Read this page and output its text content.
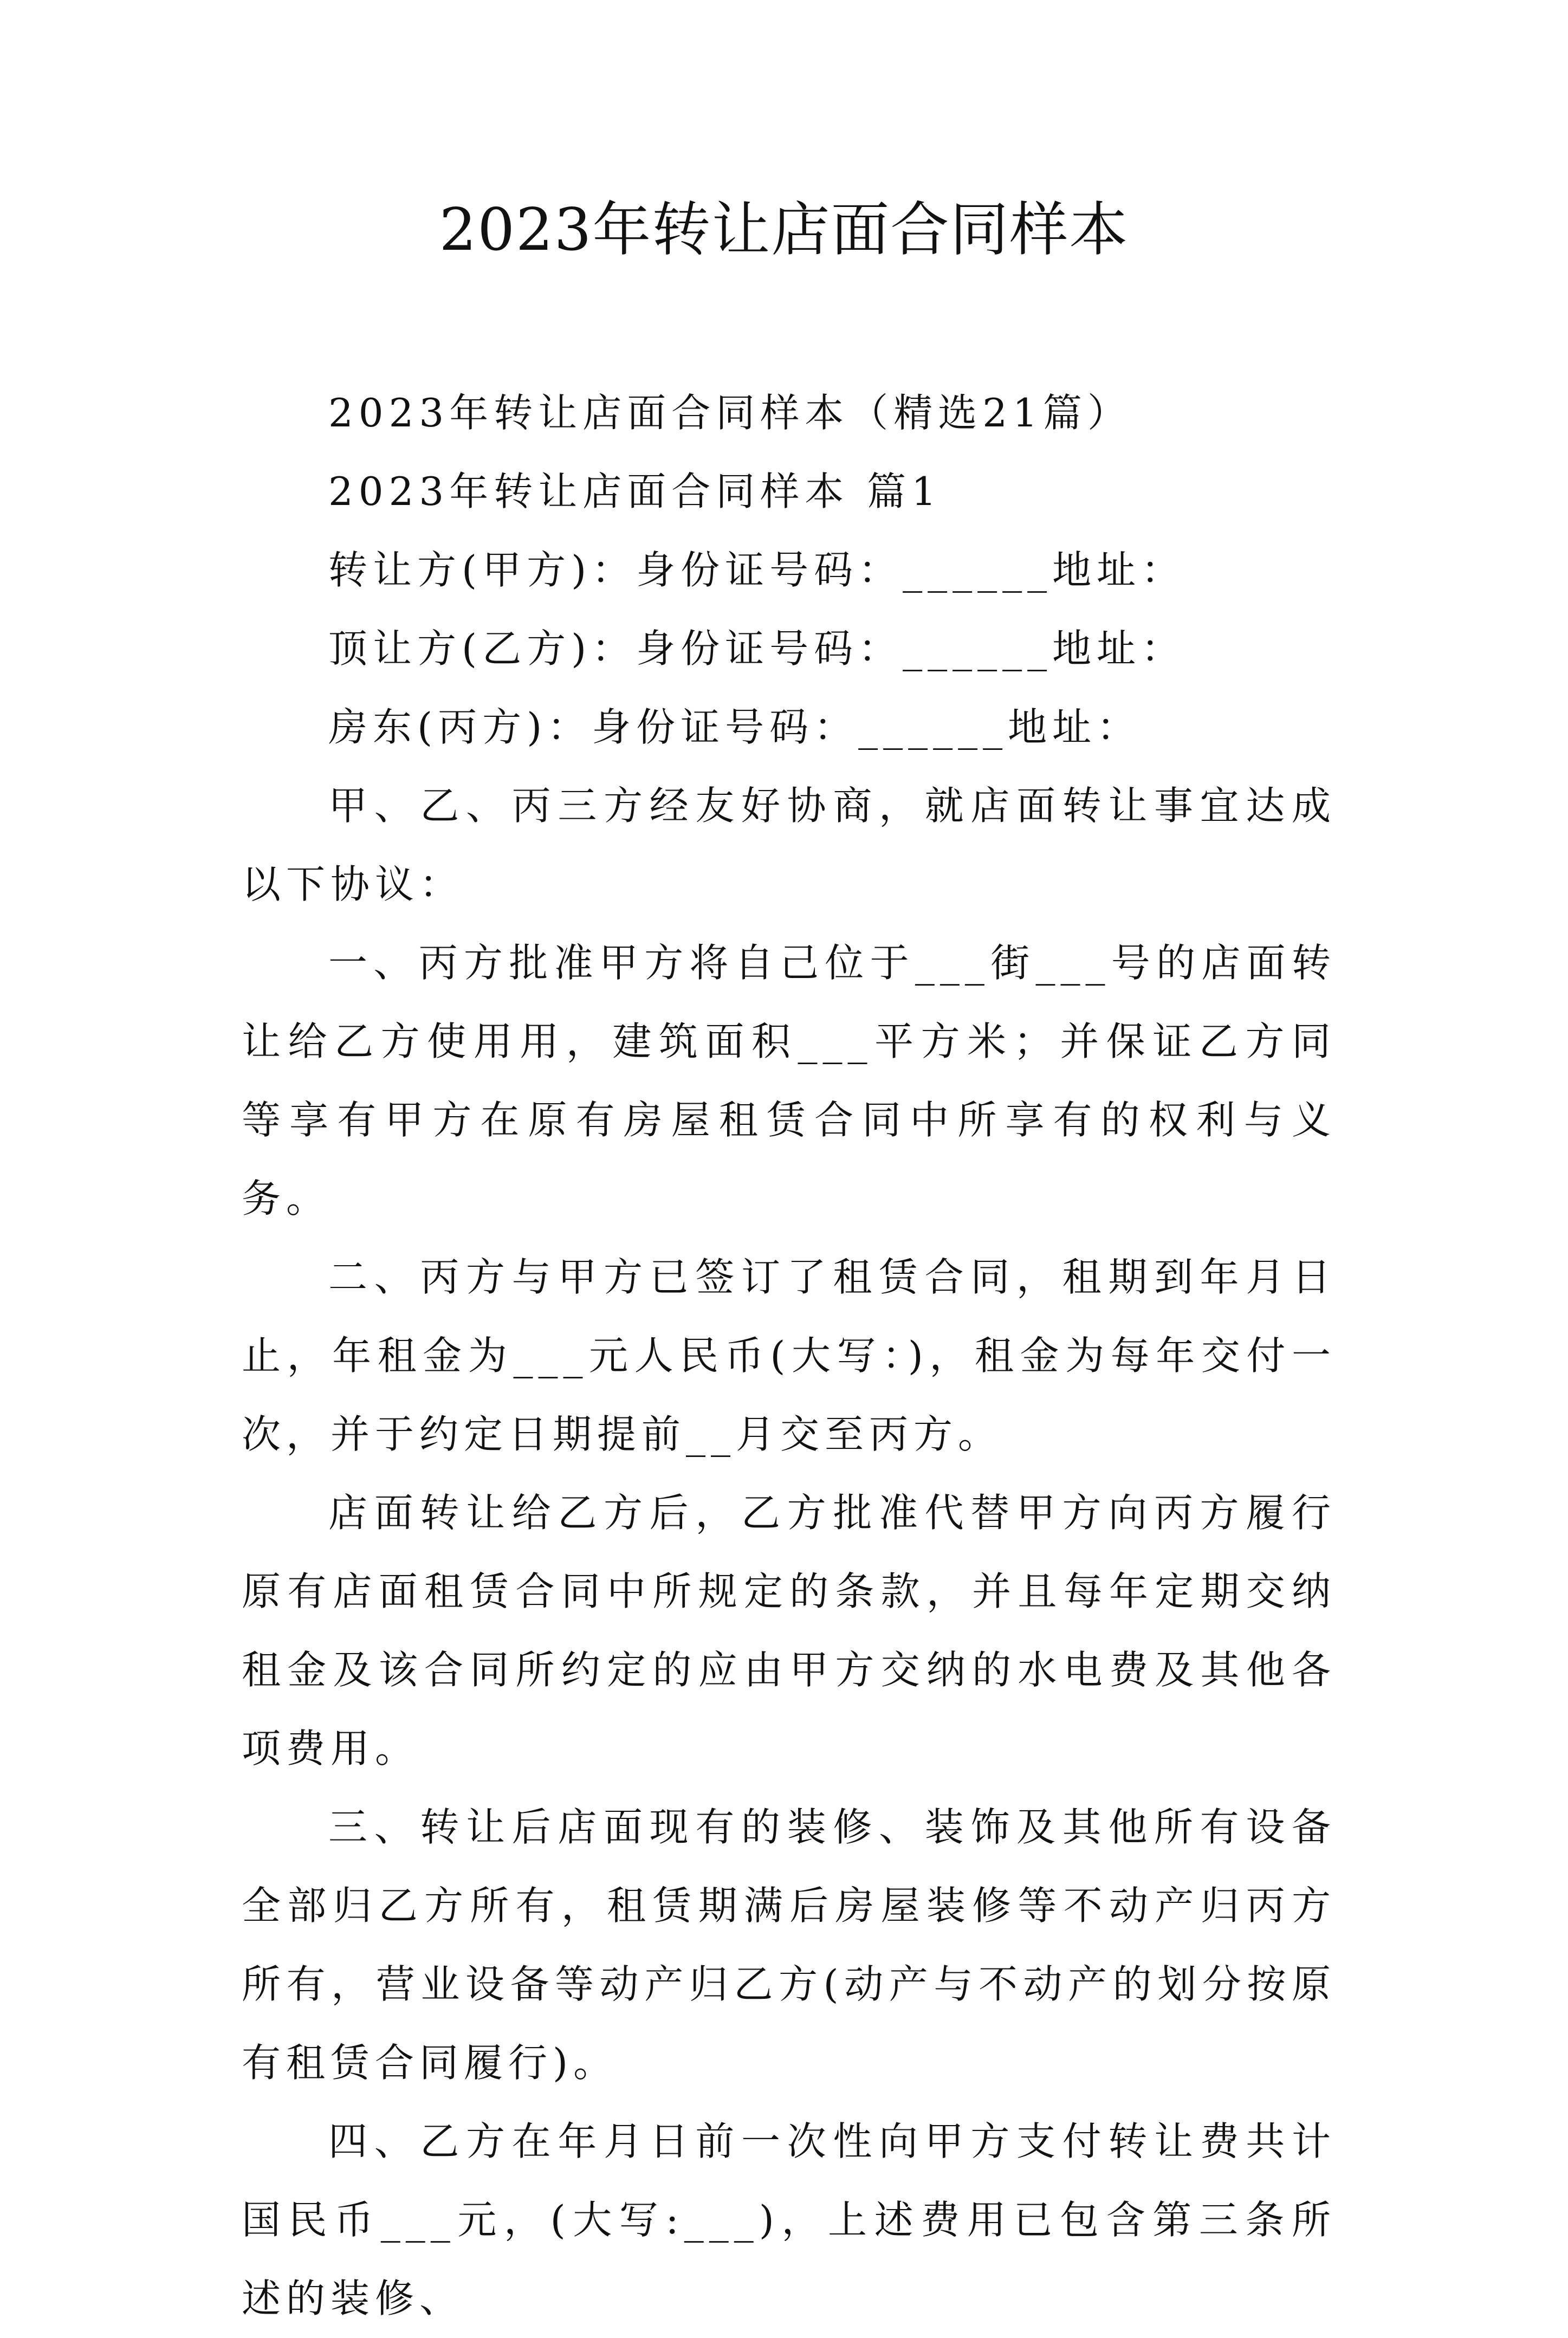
2023年转让店面合同样本

2023年转让店面合同样本（精选21篇）

2023年转让店面合同样本 篇1

转让方(甲方)：身份证号码：______地址：

顶让方(乙方)：身份证号码：______地址：

房东(丙方)：身份证号码：______地址：

甲、乙、丙三方经友好协商，就店面转让事宜达成以下协议：

一、丙方批准甲方将自己位于___街___号的店面转让给乙方使用用，建筑面积___平方米；并保证乙方同等享有甲方在原有房屋租赁合同中所享有的权利与义务。

二、丙方与甲方已签订了租赁合同，租期到年月日止，年租金为___元人民币(大写：)，租金为每年交付一次，并于约定日期提前__月交至丙方。

店面转让给乙方后，乙方批准代替甲方向丙方履行原有店面租赁合同中所规定的条款，并且每年定期交纳租金及该合同所约定的应由甲方交纳的水电费及其他各项费用。

三、转让后店面现有的装修、装饰及其他所有设备全部归乙方所有，租赁期满后房屋装修等不动产归丙方所有，营业设备等动产归乙方(动产与不动产的划分按原有租赁合同履行)。

四、乙方在年月日前一次性向甲方支付转让费共计国民币___元，(大写:___)，上述费用已包含第三条所述的装修、
